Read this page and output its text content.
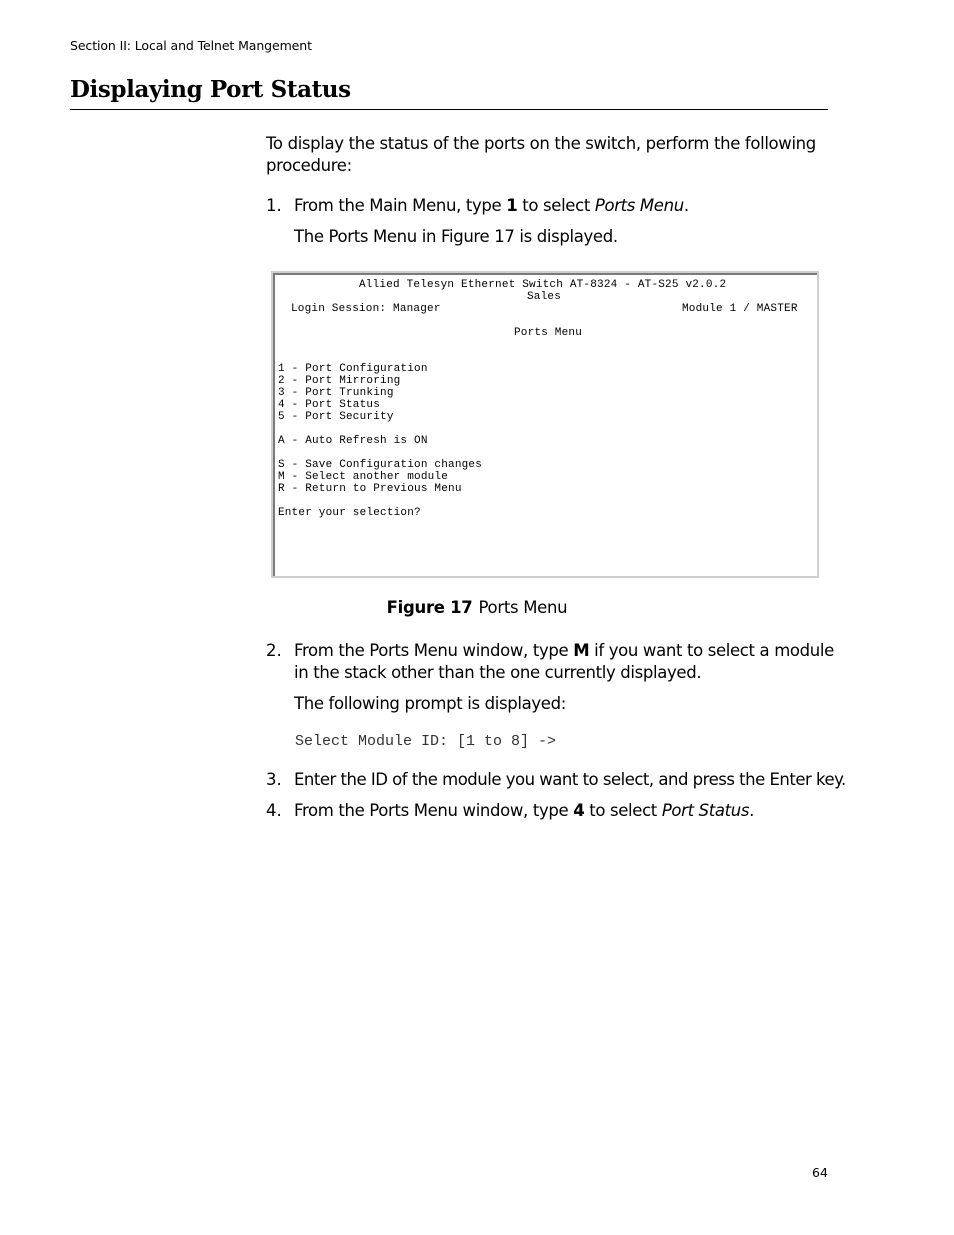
Section II: Local and Telnet Mangement
Displaying Port Status
To display the status of the ports on the switch, perform the following
procedure:
1. From the Main Menu, type 1 to select Ports Menu.
The Ports Menu in Figure 17 is displayed.
Allied Telesyn Ethernet Switch AT-8324 - AT-S25 v2.0.2
Sales
Login Session: Manager	Module 1 / MASTER
Ports Menu
1 - Port Configuration
2 - Port Mirroring
3 - Port Trunking
4 - Port Status
5 - Port Security
A - Auto Refresh is ON
S - Save Configuration changes
M - Select another module
R - Return to Previous Menu
Enter your selection?
Figure 17 Ports Menu
2. From the Ports Menu window, type M if you want to select a module
in the stack other than the one currently displayed.
The following prompt is displayed:
Select Module ID: [1 to 8] ->
3. Enter the ID of the module you want to select, and press the Enter key.
4. From the Ports Menu window, type 4 to select Port Status.
64
